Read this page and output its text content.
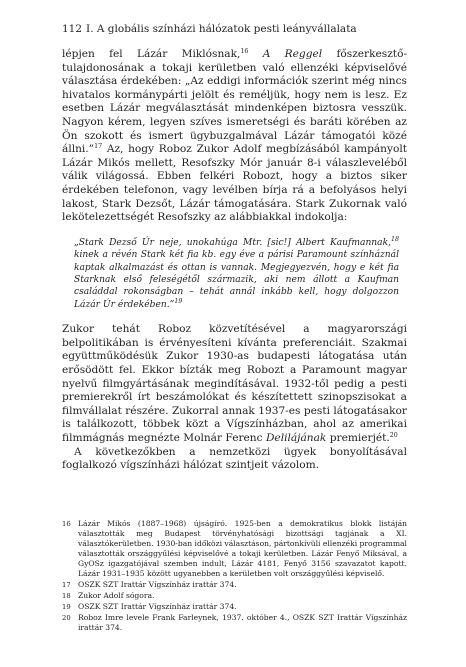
112 I. A globális színházi hálózatok pesti leányvállalata

lépjen fel Lázár Miklósnak,$^{16}$ A Reggel főszerkesztő-tulajdonosának a tokaji kerületben való ellenzéki képviselővé választása érdekében: „Az eddigi információk szerint még nincs hivatalos kormánypárti jelölt és reméljük, hogy nem is lesz. Ez esetben Lázár megválasztását mindenképen biztosra vesszük. Nagyon kérem, legyen szíves ismeretségi és baráti körében az Ön szokott és ismert ügybuzgalmával Lázár támogatói közé állni.”$^{17}$ Az, hogy Roboz Zukor Adolf megbízásából kampányolt Lázár Mikós mellett, Resofszky Mór január 8-i válaszleveléből válik világossá. Ebben felkéri Robozt, hogy a biztos siker érdekében telefonon, vagy levélben bírja rá a befolyásos helyi lakost, Stark Dezsőt, Lázár támogatására. Stark Zukornak való lekötelezettségét Resofszky az alábbiakkal indokolja:

„Stark Dezső Úr neje, unokahúga Mtr. [sic!] Albert Kaufmannak,$^{18}$ kinek a révén Stark két fia kb. egy éve a párisi Paramount színháznál kaptak alkalmazást és ottan is vannak. Megjegyezvén, hogy e két fia Starknak első feleségétől származik, aki nem állott a Kaufman családdal rokonságban – tehát annál inkább kell, hogy dolgozzon Lázár Úr érdekében.”$^{19}$

Zukor tehát Roboz közvetítésével a magyarországi belpolitikában is érvényesíteni kívánta preferenciáit. Szakmai együttműködésük Zukor 1930-as budapesti látogatása után erősödött fel. Ekkor bízták meg Robozt a Paramount magyar nyelvű filmgyártásának megindításával. 1932-től pedig a pesti premierekről írt beszámolókat és készítettett szinopszisokat a filmvállalat részére. Zukorral annak 1937-es pesti látogatásakor is találkozott, többek közt a Vígszínházban, ahol az amerikai filmmágnás megnézte Molnár Ferenc Delilájának premierjét.$^{20}$

A következőkben a nemzetközi ügyek bonyolításával foglalkozó vígszínházi hálózat szintjeit vázolom.

16 Lázár Mikós (1887–1968) újságíró. 1925-ben a demokratikus blokk listáján választották meg Budapest törvényhatósági bizottsági tagjának a XI. választókerületben. 1930-ban időközi választáson, pártonkívüli ellenzéki programmal választották országgyűlési képviselővé a tokaji kerületben. Lázár Fenyő Miksával, a GyOSz igazgatójával szemben indult, Lázár 4181, Fenyő 3156 szavazatot kapott. Lázár 1931–1935 között ugyanebben a kerületben volt országgyűlési képviselő.
17 OSZK SZT Irattár Vígszínház irattár 374.
18 Zukor Adolf sógora.
19 OSZK SZT Irattár Vígszínház irattár 374.
20 Roboz Imre levele Frank Farleynek, 1937. október 4., OSZK SZT Irattár Vígszínház irattár 374.
